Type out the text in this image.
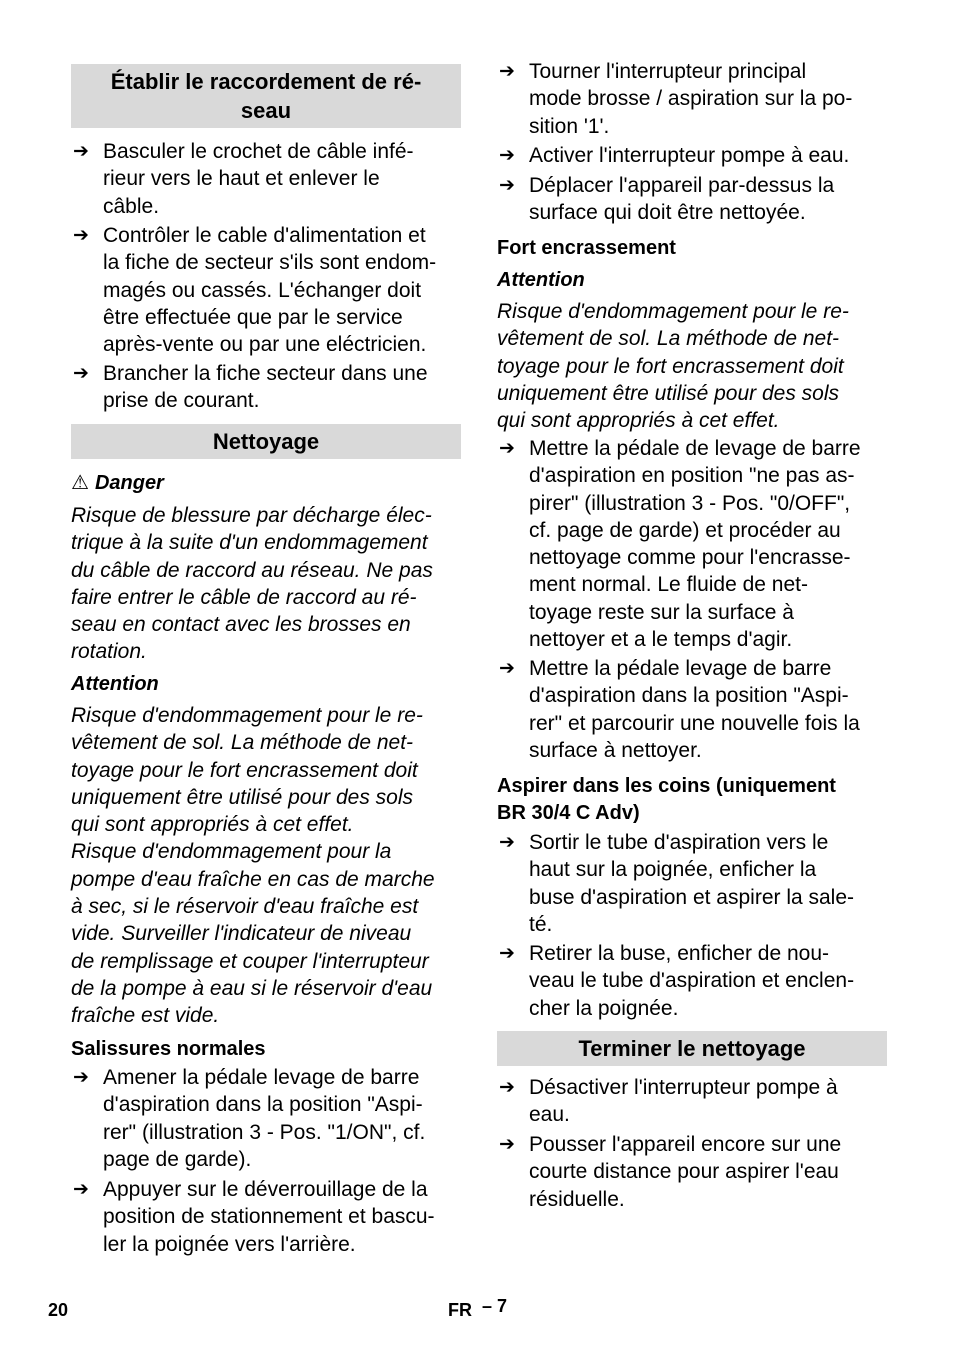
Établir le raccordement de ré-
seau
➔ Basculer le crochet de câble infé-
rieur vers le haut et enlever le
câble.
➔ Contrôler le cable d'alimentation et
la fiche de secteur s'ils sont endom-
magés ou cassés. L'échanger doit
être effectuée que par le service
après-vente ou par une eléctricien.
➔ Brancher la fiche secteur dans une
prise de courant.
Nettoyage
⚠ Danger
Risque de blessure par décharge élec-
trique à la suite d'un endommagement
du câble de raccord au réseau. Ne pas
faire entrer le câble de raccord au ré-
seau en contact avec les brosses en
rotation.
Attention
Risque d'endommagement pour le re-
vêtement de sol. La méthode de net-
toyage pour le fort encrassement doit
uniquement être utilisé pour des sols
qui sont appropriés à cet effet.
Risque d'endommagement pour la
pompe d'eau fraîche en cas de marche
à sec, si le réservoir d'eau fraîche est
vide. Surveiller l'indicateur de niveau
de remplissage et couper l'interrupteur
de la pompe à eau si le réservoir d'eau
fraîche est vide.
Salissures normales
➔ Amener la pédale levage de barre
d'aspiration dans la position "Aspi-
rer" (illustration 3 - Pos. "1/ON", cf.
page de garde).
➔ Appuyer sur le déverrouillage de la
position de stationnement et bascu-
ler la poignée vers l'arrière.
➔ Tourner l'interrupteur principal
mode brosse / aspiration sur la po-
sition '1'.
➔ Activer l'interrupteur pompe à eau.
➔ Déplacer l'appareil par-dessus la
surface qui doit être nettoyée.
Fort encrassement
Attention
Risque d'endommagement pour le re-
vêtement de sol. La méthode de net-
toyage pour le fort encrassement doit
uniquement être utilisé pour des sols
qui sont appropriés à cet effet.
➔ Mettre la pédale de levage de barre
d'aspiration en position "ne pas as-
pirer" (illustration 3 - Pos. "0/OFF",
cf. page de garde) et procéder au
nettoyage comme pour l'encrasse-
ment normal. Le fluide de net-
toyage reste sur la surface à
nettoyer et a le temps d'agir.
➔ Mettre la pédale levage de barre
d'aspiration dans la position "Aspi-
rer" et parcourir une nouvelle fois la
surface à nettoyer.
Aspirer dans les coins (uniquement
BR 30/4 C Adv)
➔ Sortir le tube d'aspiration vers le
haut sur la poignée, enficher la
buse d'aspiration et aspirer la sale-
té.
➔ Retirer la buse, enficher de nou-
veau le tube d'aspiration et enclen-
cher la poignée.
Terminer le nettoyage
➔ Désactiver l'interrupteur pompe à
eau.
➔ Pousser l'appareil encore sur une
courte distance pour aspirer l'eau
résiduelle.
20	FR – 7
